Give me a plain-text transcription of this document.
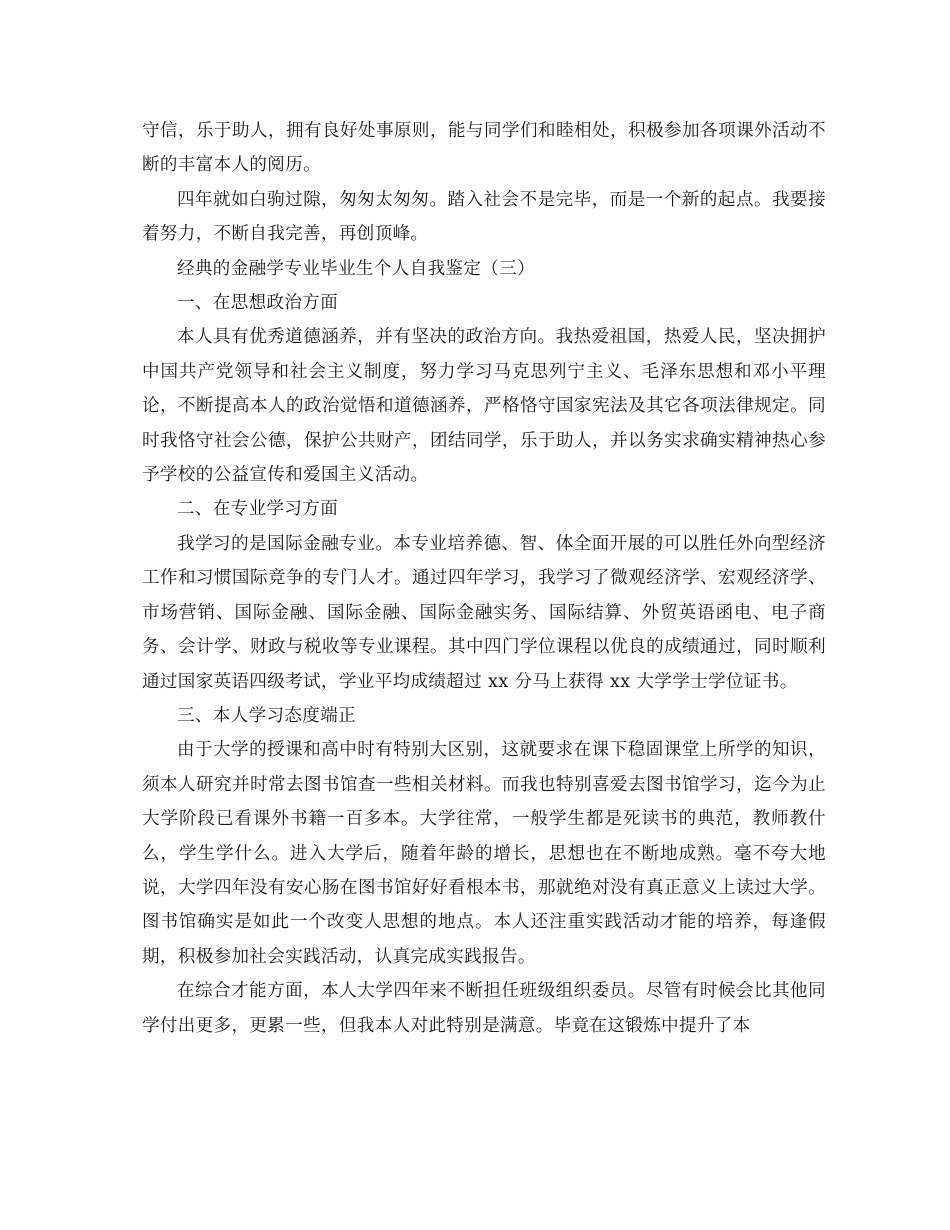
守信，乐于助人，拥有良好处事原则，能与同学们和睦相处，积极参加各项课外活动不断的丰富本人的阅历。

四年就如白驹过隙，匆匆太匆匆。踏入社会不是完毕，而是一个新的起点。我要接着努力，不断自我完善，再创顶峰。

经典的金融学专业毕业生个人自我鉴定（三）

一、在思想政治方面

本人具有优秀道德涵养，并有坚决的政治方向。我热爱祖国，热爱人民，坚决拥护中国共产党领导和社会主义制度，努力学习马克思列宁主义、毛泽东思想和邓小平理论，不断提高本人的政治觉悟和道德涵养，严格恪守国家宪法及其它各项法律规定。同时我恪守社会公德，保护公共财产，团结同学，乐于助人，并以务实求确实精神热心参予学校的公益宣传和爱国主义活动。

二、在专业学习方面

我学习的是国际金融专业。本专业培养德、智、体全面开展的可以胜任外向型经济工作和习惯国际竞争的专门人才。通过四年学习，我学习了微观经济学、宏观经济学、市场营销、国际金融、国际金融、国际金融实务、国际结算、外贸英语函电、电子商务、会计学、财政与税收等专业课程。其中四门学位课程以优良的成绩通过，同时顺利通过国家英语四级考试，学业平均成绩超过 xx 分马上获得 xx 大学学士学位证书。

三、本人学习态度端正

由于大学的授课和高中时有特别大区别，这就要求在课下稳固课堂上所学的知识，须本人研究并时常去图书馆查一些相关材料。而我也特别喜爱去图书馆学习，迄今为止大学阶段已看课外书籍一百多本。大学往常，一般学生都是死读书的典范，教师教什么，学生学什么。进入大学后，随着年龄的增长，思想也在不断地成熟。毫不夸大地说，大学四年没有安心肠在图书馆好好看根本书，那就绝对没有真正意义上读过大学。图书馆确实是如此一个改变人思想的地点。本人还注重实践活动才能的培养，每逢假期，积极参加社会实践活动，认真完成实践报告。

在综合才能方面，本人大学四年来不断担任班级组织委员。尽管有时候会比其他同学付出更多，更累一些，但我本人对此特别是满意。毕竟在这锻炼中提升了本
